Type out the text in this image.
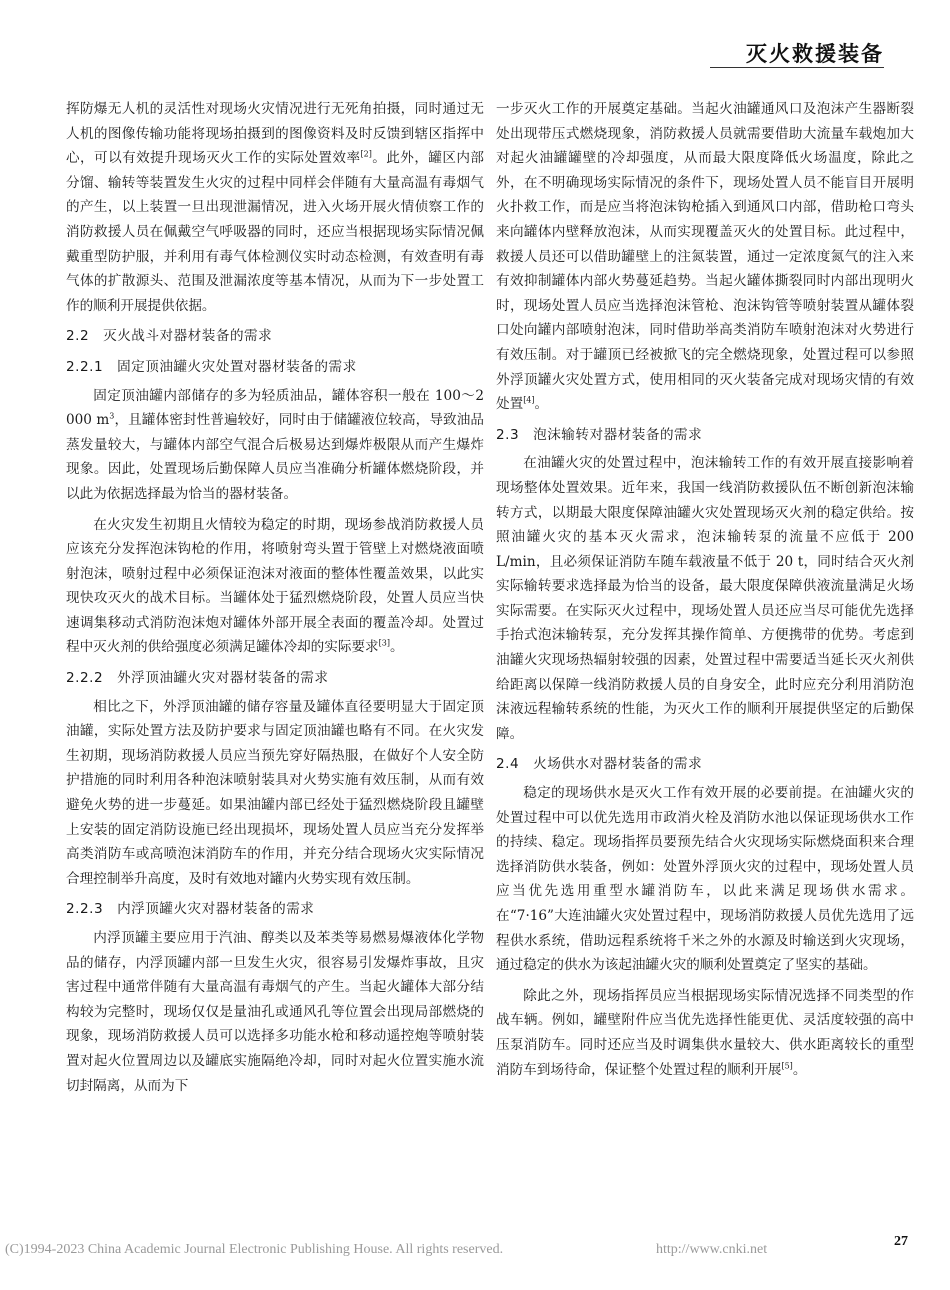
灭火救援装备

挥防爆无人机的灵活性对现场火灾情况进行无死角拍摄，同时通过无人机的图像传输功能将现场拍摄到的图像资料及时反馈到辖区指挥中心，可以有效提升现场灭火工作的实际处置效率[2]。此外，罐区内部分馏、输转等装置发生火灾的过程中同样会伴随有大量高温有毒烟气的产生，以上装置一旦出现泄漏情况，进入火场开展火情侦察工作的消防救援人员在佩戴空气呼吸器的同时，还应当根据现场实际情况佩戴重型防护服，并利用有毒气体检测仪实时动态检测，有效查明有毒气体的扩散源头、范围及泄漏浓度等基本情况，从而为下一步处置工作的顺利开展提供依据。

2.2 灭火战斗对器材装备的需求
2.2.1 固定顶油罐火灾处置对器材装备的需求

固定顶油罐内部储存的多为轻质油品，罐体容积一般在 100～2 000 $m^3$，且罐体密封性普遍较好，同时由于储罐液位较高，导致油品蒸发量较大，与罐体内部空气混合后极易达到爆炸极限从而产生爆炸现象。因此，处置现场后勤保障人员应当准确分析罐体燃烧阶段，并以此为依据选择最为恰当的器材装备。

在火灾发生初期且火情较为稳定的时期，现场参战消防救援人员应该充分发挥泡沫钩枪的作用，将喷射弯头置于管壁上对燃烧液面喷射泡沫，喷射过程中必须保证泡沫对液面的整体性覆盖效果，以此实现快攻灭火的战术目标。当罐体处于猛烈燃烧阶段，处置人员应当快速调集移动式消防泡沫炮对罐体外部开展全表面的覆盖冷却。处置过程中灭火剂的供给强度必须满足罐体冷却的实际要求[3]。

2.2.2 外浮顶油罐火灾对器材装备的需求

相比之下，外浮顶油罐的储存容量及罐体直径要明显大于固定顶油罐，实际处置方法及防护要求与固定顶油罐也略有不同。在火灾发生初期，现场消防救援人员应当预先穿好隔热服，在做好个人安全防护措施的同时利用各种泡沫喷射装具对火势实施有效压制，从而有效避免火势的进一步蔓延。如果油罐内部已经处于猛烈燃烧阶段且罐壁上安装的固定消防设施已经出现损坏，现场处置人员应当充分发挥举高类消防车或高喷泡沫消防车的作用，并充分结合现场火灾实际情况合理控制举升高度，及时有效地对罐内火势实现有效压制。

2.2.3 内浮顶罐火灾对器材装备的需求

内浮顶罐主要应用于汽油、醇类以及苯类等易燃易爆液体化学物品的储存，内浮顶罐内部一旦发生火灾，很容易引发爆炸事故，且灾害过程中通常伴随有大量高温有毒烟气的产生。当起火罐体大部分结构较为完整时，现场仅仅是量油孔或通风孔等位置会出现局部燃烧的现象，现场消防救援人员可以选择多功能水枪和移动遥控炮等喷射装置对起火位置周边以及罐底实施隔绝冷却，同时对起火位置实施水流切封隔离，从而为下

一步灭火工作的开展奠定基础。当起火油罐通风口及泡沫产生器断裂处出现带压式燃烧现象，消防救援人员就需要借助大流量车载炮加大对起火油罐罐壁的冷却强度，从而最大限度降低火场温度，除此之外，在不明确现场实际情况的条件下，现场处置人员不能盲目开展明火扑救工作，而是应当将泡沫钩枪插入到通风口内部，借助枪口弯头来向罐体内壁释放泡沫，从而实现覆盖灭火的处置目标。此过程中，救援人员还可以借助罐壁上的注氮装置，通过一定浓度氮气的注入来有效抑制罐体内部火势蔓延趋势。当起火罐体撕裂同时内部出现明火时，现场处置人员应当选择泡沫管枪、泡沫钩管等喷射装置从罐体裂口处向罐内部喷射泡沫，同时借助举高类消防车喷射泡沫对火势进行有效压制。对于罐顶已经被掀飞的完全燃烧现象，处置过程可以参照外浮顶罐火灾处置方式，使用相同的灭火装备完成对现场灾情的有效处置[4]。

2.3 泡沫输转对器材装备的需求

在油罐火灾的处置过程中，泡沫输转工作的有效开展直接影响着现场整体处置效果。近年来，我国一线消防救援队伍不断创新泡沫输转方式，以期最大限度保障油罐火灾处置现场灭火剂的稳定供给。按照油罐火灾的基本灭火需求，泡沫输转泵的流量不应低于 200 L/min，且必须保证消防车随车载液量不低于 20 t，同时结合灭火剂实际输转要求选择最为恰当的设备，最大限度保障供液流量满足火场实际需要。在实际灭火过程中，现场处置人员还应当尽可能优先选择手抬式泡沫输转泵，充分发挥其操作简单、方便携带的优势。考虑到油罐火灾现场热辐射较强的因素，处置过程中需要适当延长灭火剂供给距离以保障一线消防救援人员的自身安全，此时应充分利用消防泡沫液远程输转系统的性能，为灭火工作的顺利开展提供坚定的后勤保障。

2.4 火场供水对器材装备的需求

稳定的现场供水是灭火工作有效开展的必要前提。在油罐火灾的处置过程中可以优先选用市政消火栓及消防水池以保证现场供水工作的持续、稳定。现场指挥员要预先结合火灾现场实际燃烧面积来合理选择消防供水装备，例如：处置外浮顶火灾的过程中，现场处置人员应当优先选用重型水罐消防车，以此来满足现场供水需求。在“7·16”大连油罐火灾处置过程中，现场消防救援人员优先选用了远程供水系统，借助远程系统将千米之外的水源及时输送到火灾现场，通过稳定的供水为该起油罐火灾的顺利处置奠定了坚实的基础。

除此之外，现场指挥员应当根据现场实际情况选择不同类型的作战车辆。例如，罐壁附件应当优先选择性能更优、灵活度较强的高中压泵消防车。同时还应当及时调集供水量较大、供水距离较长的重型消防车到场待命，保证整个处置过程的顺利开展[5]。

(C)1994-2023 China Academic Journal Electronic Publishing House. All rights reserved.	http://www.cnki.net
27
